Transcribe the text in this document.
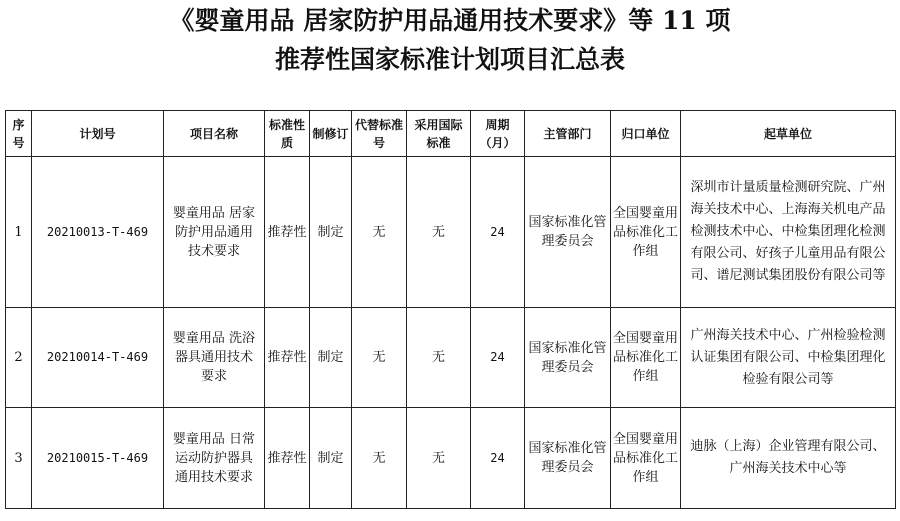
《婴童用品 居家防护用品通用技术要求》等 11 项
推荐性国家标准计划项目汇总表
序号	计划号	项目名称	标准性质	制修订	代替标准号	采用国际标准	周期（月）	主管部门	归口单位	起草单位
1	20210013-T-469	婴童用品 居家防护用品通用技术要求	推荐性	制定	无	无	24	国家标准化管理委员会	全国婴童用品标准化工作组	深圳市计量质量检测研究院、广州海关技术中心、上海海关机电产品检测技术中心、中检集团理化检测有限公司、好孩子儿童用品有限公司、谱尼测试集团股份有限公司等
2	20210014-T-469	婴童用品 洗浴器具通用技术要求	推荐性	制定	无	无	24	国家标准化管理委员会	全国婴童用品标准化工作组	广州海关技术中心、广州检验检测认证集团有限公司、中检集团理化检验有限公司等
3	20210015-T-469	婴童用品 日常运动防护器具通用技术要求	推荐性	制定	无	无	24	国家标准化管理委员会	全国婴童用品标准化工作组	迪脉（上海）企业管理有限公司、广州海关技术中心等
